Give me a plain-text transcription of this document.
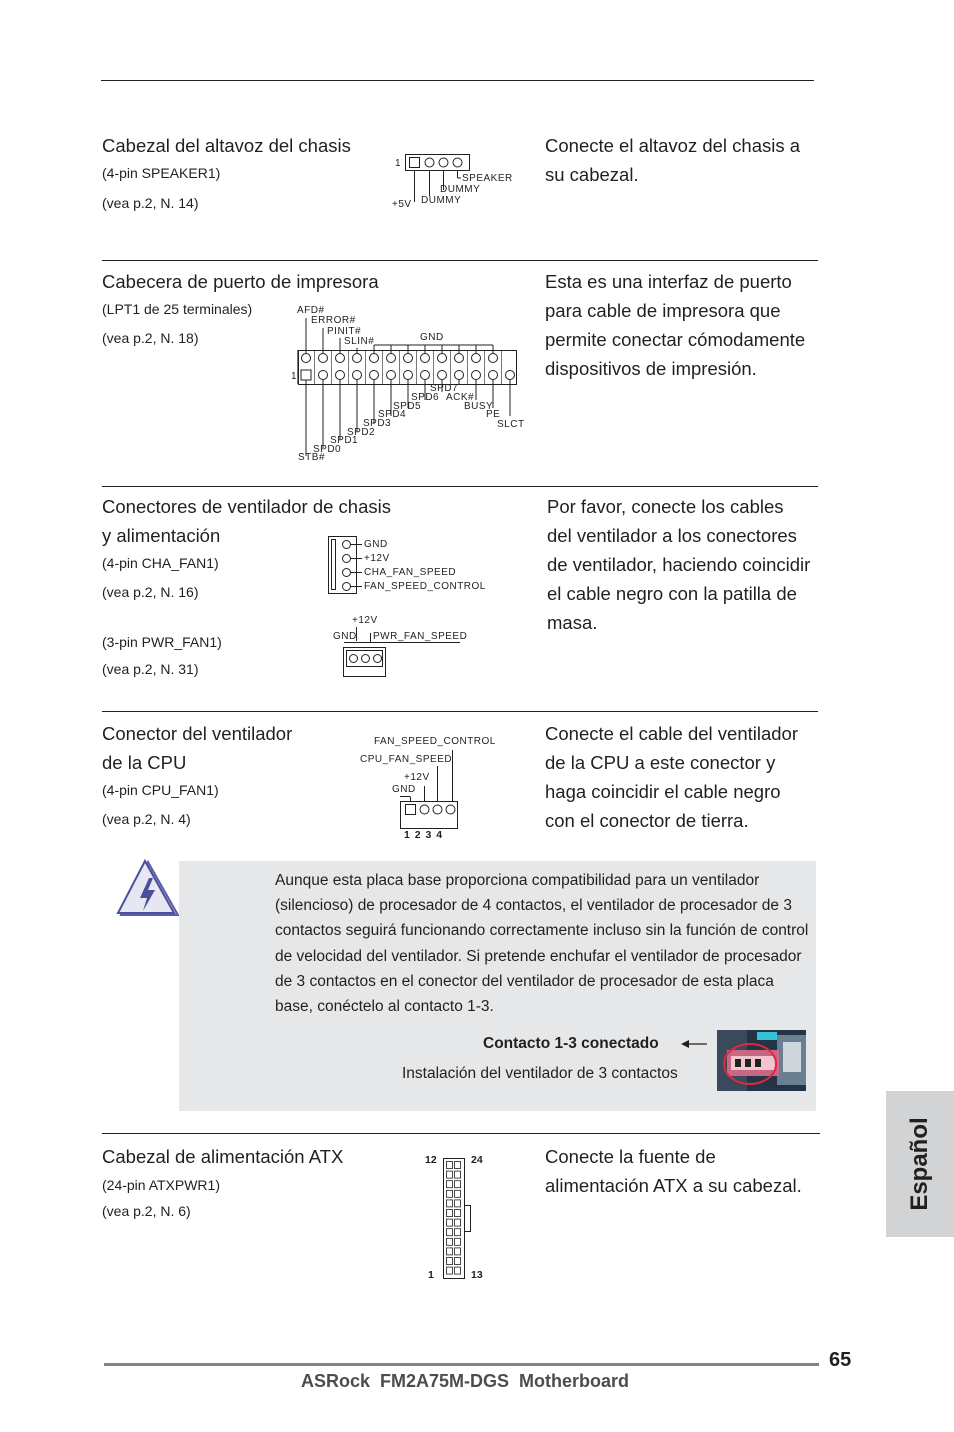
Cabezal del altavoz del chasis
(4-pin SPEAKER1)
(vea p.2, N. 14)
Conecte el altavoz del chasis a
su cabezal.
1
SPEAKER
DUMMY
DUMMY
+5V
Cabecera de puerto de impresora
(LPT1 de 25 terminales)
(vea p.2, N. 18)
Esta es una interfaz de puerto
para cable de impresora que
permite conectar cómodamente
dispositivos de impresión.
1
AFD#
ERROR#
PINIT#
SLIN#	GND
SPD7
SPD6 ACK#
SPD5	BUSY
SPD4	PE
SPD3	SLCT
SPD2
SPD1
SPD0
STB#
Conectores de ventilador de chasis
y alimentación
(4-pin CHA_FAN1)
(vea p.2, N. 16)
(3-pin PWR_FAN1)
(vea p.2, N. 31)
Por favor, conecte los cables
del ventilador a los conectores
de ventilador, haciendo coincidir
el cable negro con la patilla de
masa.
GND
+12V
CHA_FAN_SPEED
FAN_SPEED_CONTROL
+12V
GND PWR_FAN_SPEED
Conector del ventilador
de la CPU
(4-pin CPU_FAN1)
(vea p.2, N. 4)
Conecte el cable del ventilador
de la CPU a este conector y
haga coincidir el cable negro
con el conector de tierra.
FAN_SPEED_CONTROL
CPU_FAN_SPEED
+12V
GND
1 2 3 4
Aunque esta placa base proporciona compatibilidad para un ventilador (silencioso) de procesador de 4 contactos, el ventilador de procesador de 3 contactos seguirá funcionando correctamente incluso sin la función de control de velocidad del ventilador. Si pretende enchufar el ventilador de procesador de 3 contactos en el conector del ventilador de procesador de esta placa base, conéctelo al contacto 1-3.
Contacto 1-3 conectado
Instalación del ventilador de 3 contactos
Cabezal de alimentación ATX
(24-pin ATXPWR1)
(vea p.2, N. 6)
Conecte la fuente de
alimentación ATX a su cabezal.
12	24
1	13
Español
65
ASRock  FM2A75M-DGS  Motherboard
